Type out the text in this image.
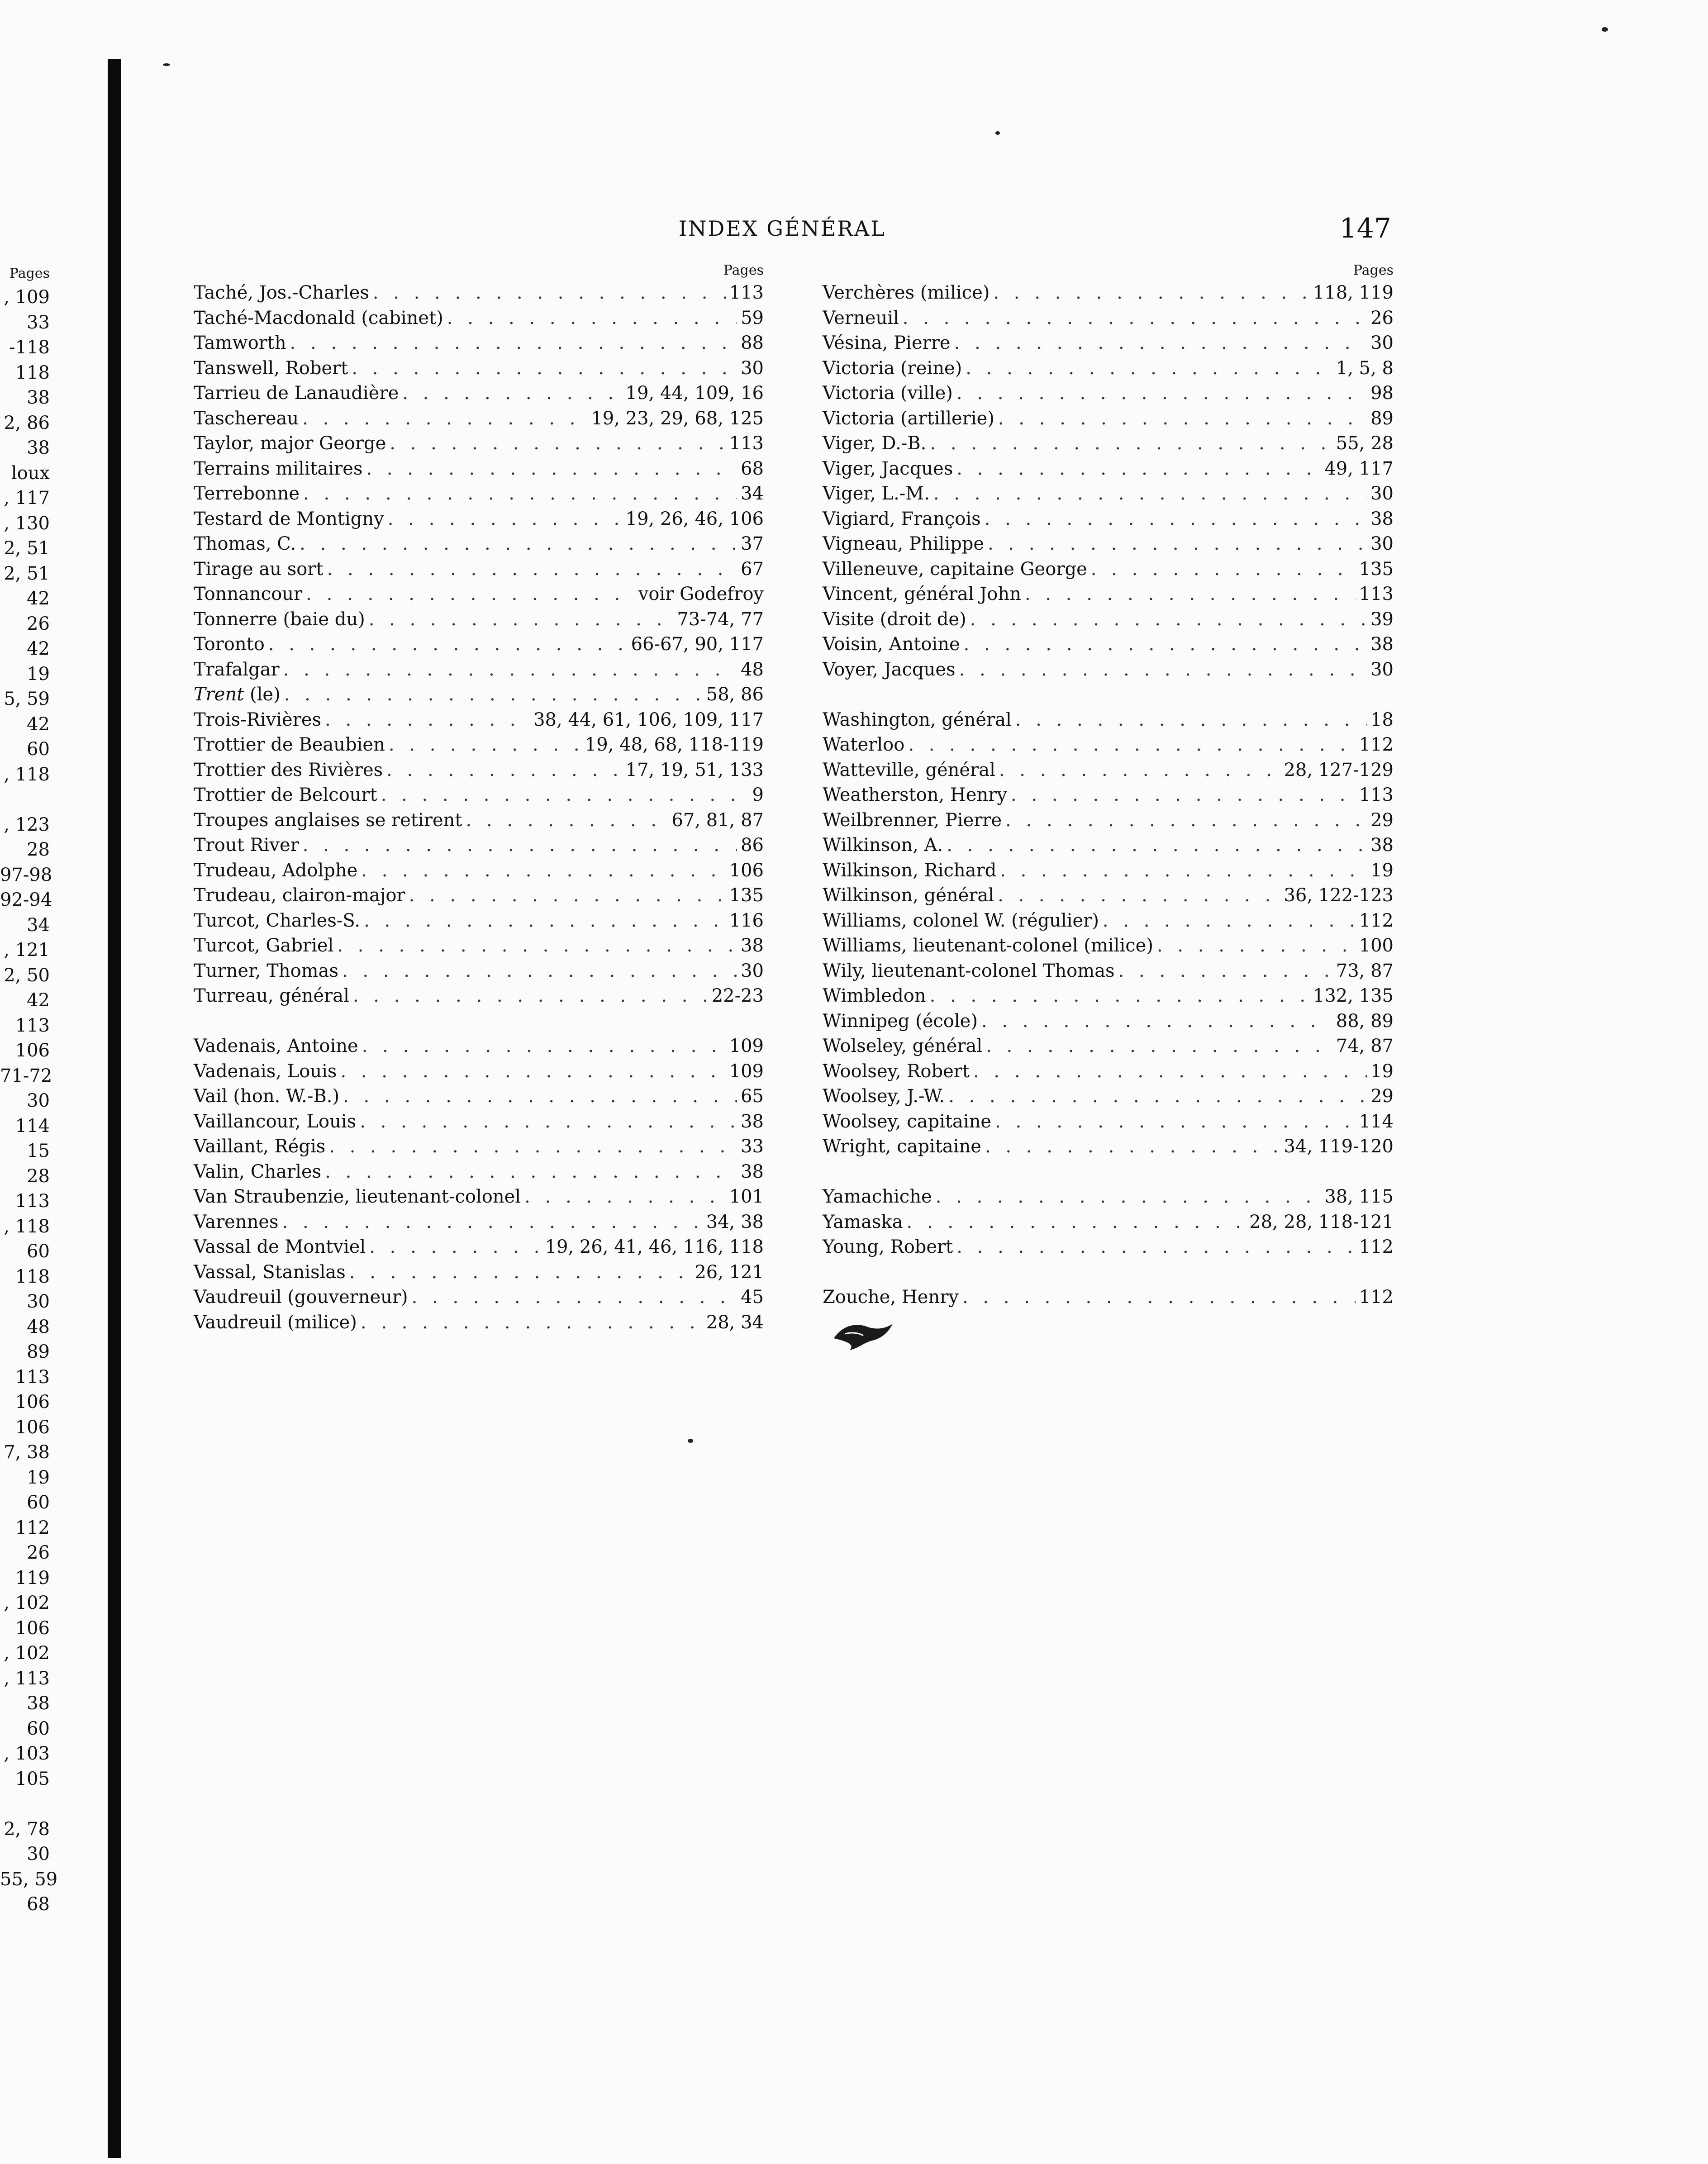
Pages
, 109
33
-118
118
38
2, 86
38
loux
, 117
, 130
2, 51
2, 51
42
26
42
19
5, 59
42
60
, 118
, 123
28
97-98
92-94
34
, 121
2, 50
42
113
106
71-72
30
114
15
28
113
, 118
60
118
30
48
89
113
106
106
7, 38
19
60
112
26
119
, 102
106
, 102
, 113
38
60
, 103
105
2, 78
30
55, 59
68
INDEX GÉNÉRAL	147
Pages
Taché, Jos.-Charles . . .	113
Taché-Macdonald (cabinet) . . .	59
Tamworth . . .	88
Tanswell, Robert . . .	30
Tarrieu de Lanaudière . . .	19, 44, 109, 16
Taschereau . . .	19, 23, 29, 68, 125
Taylor, major George . . .	113
Terrains militaires . . .	68
Terrebonne . . .	34
Testard de Montigny . . .	19, 26, 46, 106
Thomas, C. . . .	37
Tirage au sort . . .	67
Tonnancour . . .	voir Godefroy
Tonnerre (baie du) . . .	73-74, 77
Toronto . . .	66-67, 90, 117
Trafalgar . . .	48
Trent (le) . . .	58, 86
Trois-Rivières . . .	38, 44, 61, 106, 109, 117
Trottier de Beaubien . . .	19, 48, 68, 118-119
Trottier des Rivières . . .	17, 19, 51, 133
Trottier de Belcourt . . .	9
Troupes anglaises se retirent . . .	67, 81, 87
Trout River . . .	86
Trudeau, Adolphe . . .	106
Trudeau, clairon-major . . .	135
Turcot, Charles-S. . . .	116
Turcot, Gabriel . . .	38
Turner, Thomas . . .	30
Turreau, général . . .	22-23
Vadenais, Antoine . . .	109
Vadenais, Louis . . .	109
Vail (hon. W.-B.) . . .	65
Vaillancour, Louis . . .	38
Vaillant, Régis . . .	33
Valin, Charles . . .	38
Van Straubenzie, lieutenant-colonel . . .	101
Varennes . . .	34, 38
Vassal de Montviel . . .	19, 26, 41, 46, 116, 118
Vassal, Stanislas . . .	26, 121
Vaudreuil (gouverneur) . . .	45
Vaudreuil (milice) . . .	28, 34
Pages
Verchères (milice) . . .	118, 119
Verneuil . . .	26
Vésina, Pierre . . .	30
Victoria (reine) . . .	1, 5, 8
Victoria (ville) . . .	98
Victoria (artillerie) . . .	89
Viger, D.-B. . . .	55, 28
Viger, Jacques . . .	49, 117
Viger, L.-M. . . .	30
Vigiard, François . . .	38
Vigneau, Philippe . . .	30
Villeneuve, capitaine George . . .	135
Vincent, général John . . .	113
Visite (droit de) . . .	39
Voisin, Antoine . . .	38
Voyer, Jacques . . .	30
Washington, général . . .	18
Waterloo . . .	112
Watteville, général . . .	28, 127-129
Weatherston, Henry . . .	113
Weilbrenner, Pierre . . .	29
Wilkinson, A. . . .	38
Wilkinson, Richard . . .	19
Wilkinson, général . . .	36, 122-123
Williams, colonel W. (régulier) . . .	112
Williams, lieutenant-colonel (milice) . . .	100
Wily, lieutenant-colonel Thomas . . .	73, 87
Wimbledon . . .	132, 135
Winnipeg (école) . . .	88, 89
Wolseley, général . . .	74, 87
Woolsey, Robert . . .	19
Woolsey, J.-W. . . .	29
Woolsey, capitaine . . .	114
Wright, capitaine . . .	34, 119-120
Yamachiche . . .	38, 115
Yamaska . . .	28, 28, 118-121
Young, Robert . . .	112
Zouche, Henry . . .	112
